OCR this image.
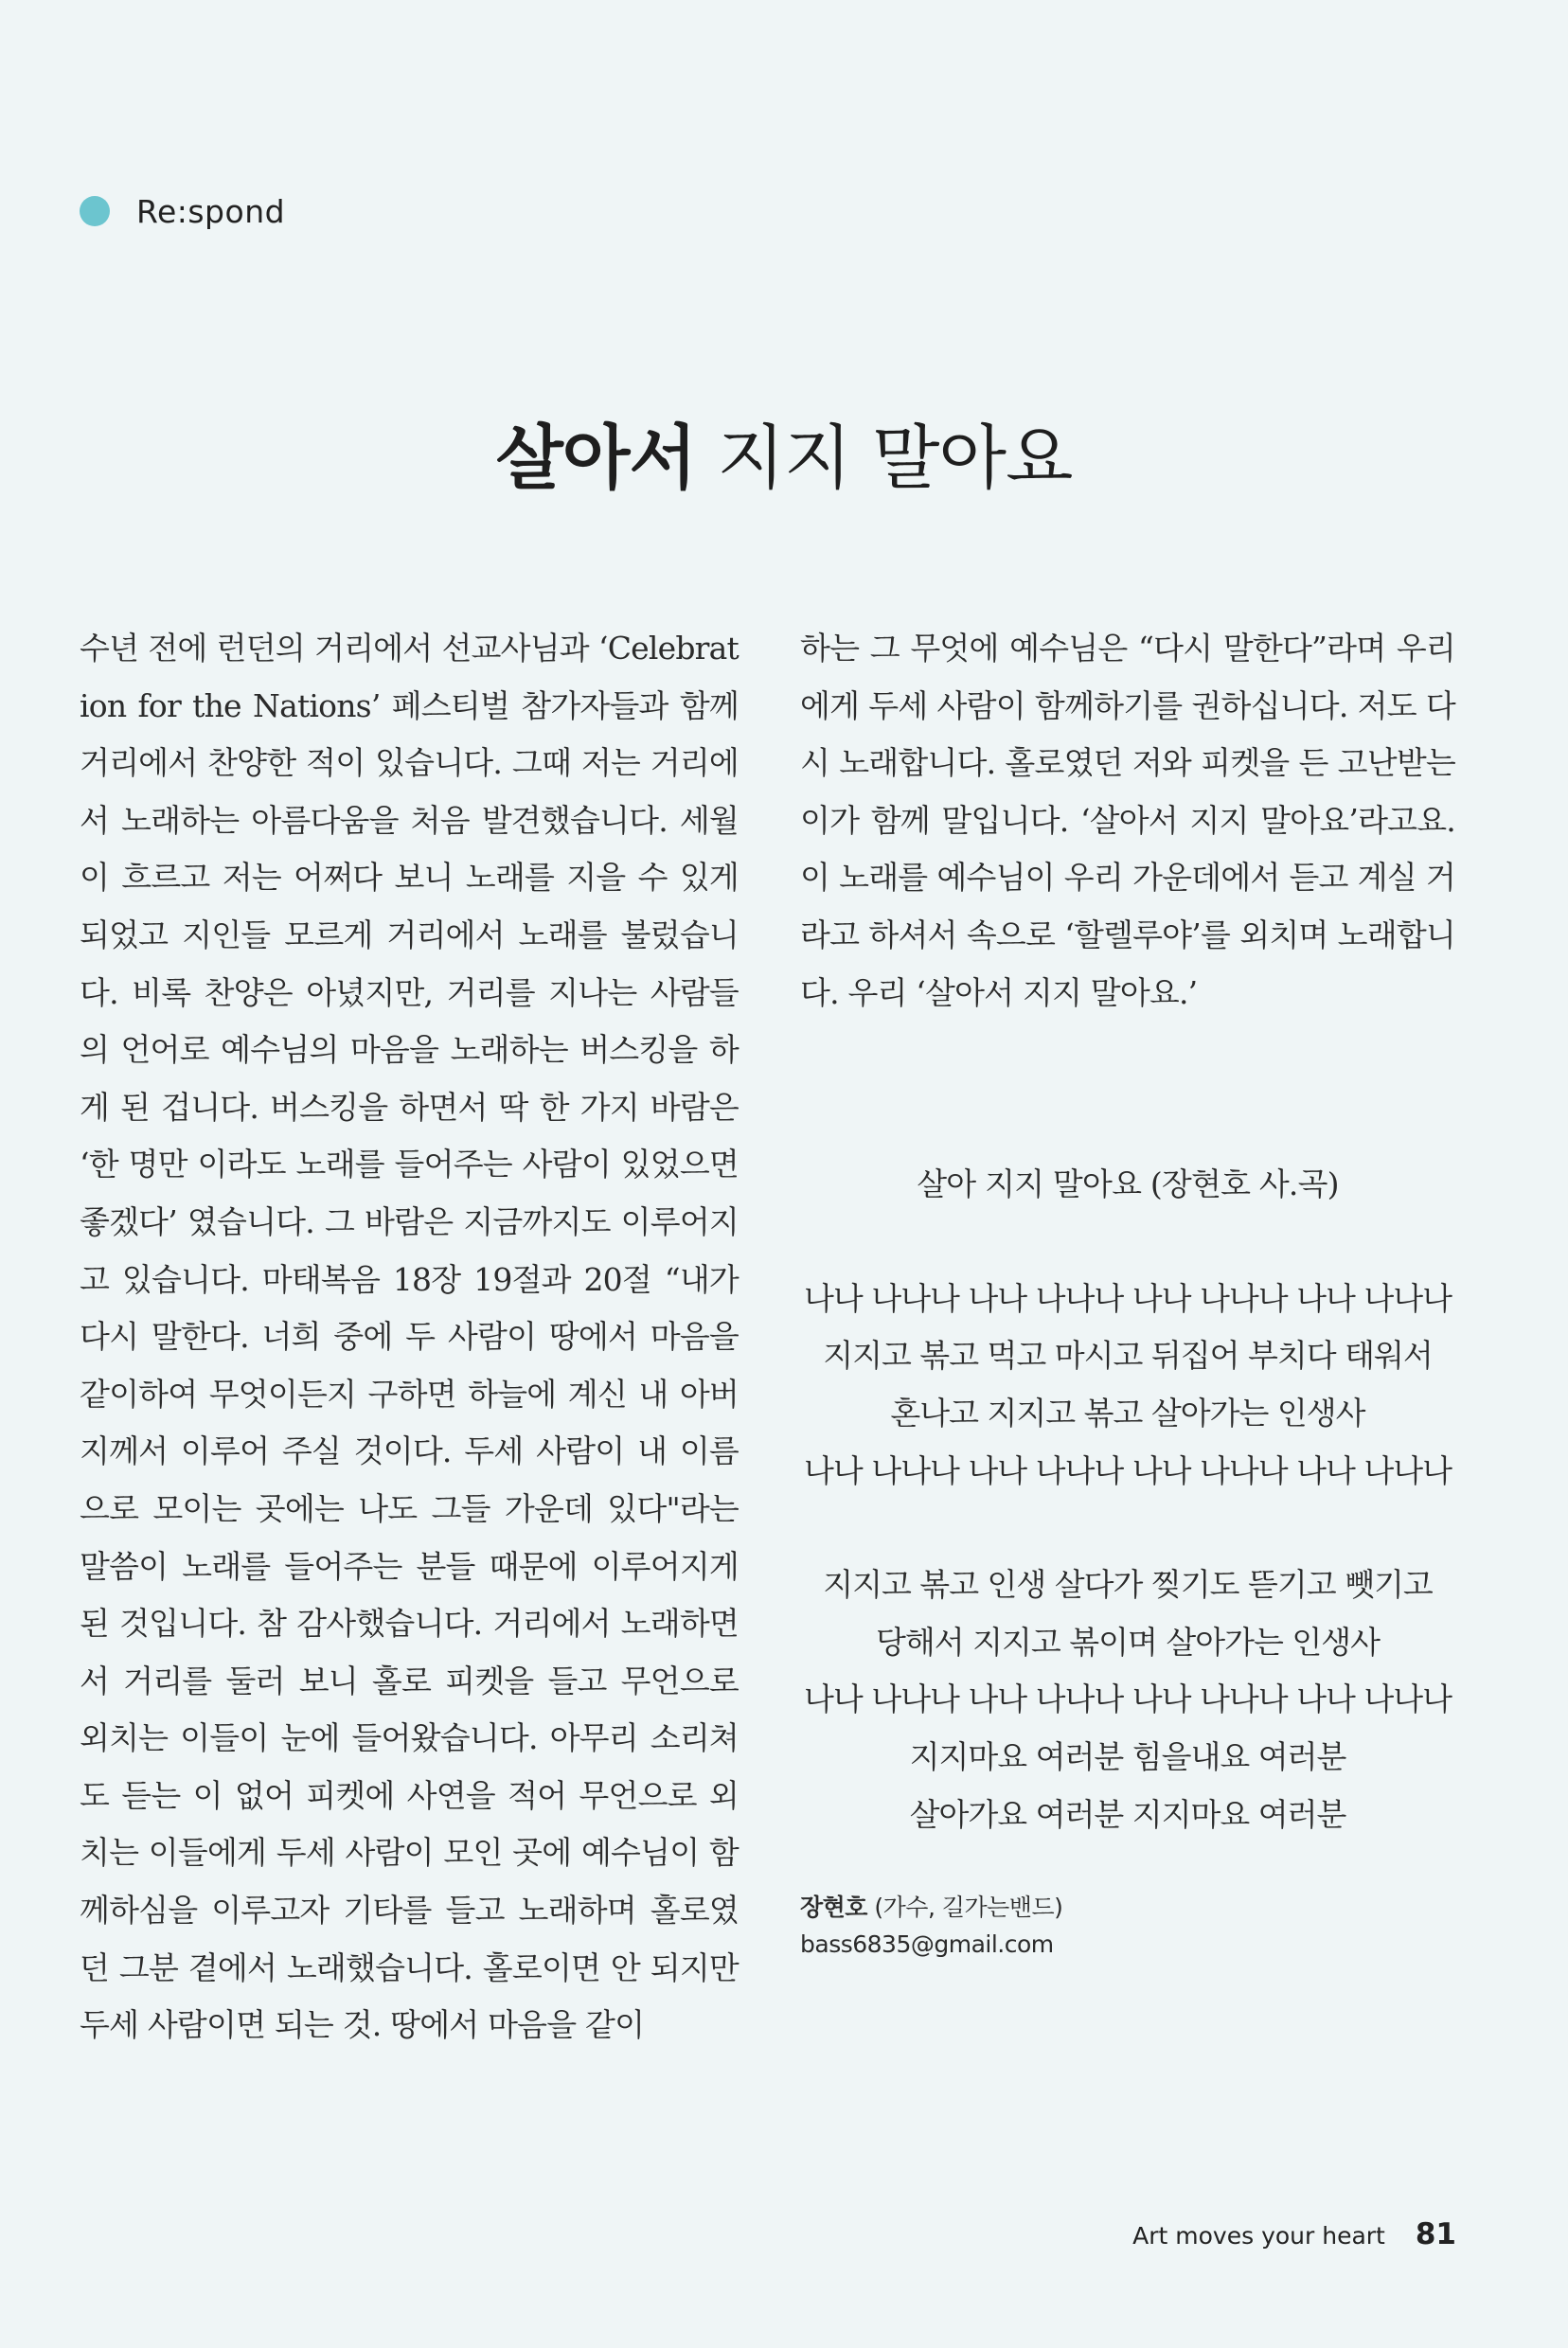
Re:spond
살아서 지지 말아요

수년 전에 런던의 거리에서 선교사님과 ‘Celebration for the Nations’ 페스티벌 참가자들과 함께 거리에서 찬양한 적이 있습니다. 그때 저는 거리에서 노래하는 아름다움을 처음 발견했습니다. 세월이 흐르고 저는 어쩌다 보니 노래를 지을 수 있게 되었고 지인들 모르게 거리에서 노래를 불렀습니다. 비록 찬양은 아녔지만, 거리를 지나는 사람들의 언어로 예수님의 마음을 노래하는 버스킹을 하게 된 겁니다. 버스킹을 하면서 딱 한 가지 바람은 ‘한 명만 이라도 노래를 들어주는 사람이 있었으면 좋겠다’ 였습니다. 그 바람은 지금까지도 이루어지고 있습니다. 마태복음 18장 19절과 20절 “내가 다시 말한다. 너희 중에 두 사람이 땅에서 마음을 같이하여 무엇이든지 구하면 하늘에 계신 내 아버지께서 이루어 주실 것이다. 두세 사람이 내 이름으로 모이는 곳에는 나도 그들 가운데 있다"라는 말씀이 노래를 들어주는 분들 때문에 이루어지게 된 것입니다. 참 감사했습니다. 거리에서 노래하면서 거리를 둘러 보니 홀로 피켓을 들고 무언으로 외치는 이들이 눈에 들어왔습니다. 아무리 소리쳐도 듣는 이 없어 피켓에 사연을 적어 무언으로 외치는 이들에게 두세 사람이 모인 곳에 예수님이 함께하심을 이루고자 기타를 들고 노래하며 홀로였던 그분 곁에서 노래했습니다. 홀로이면 안 되지만 두세 사람이면 되는 것. 땅에서 마음을 같이

하는 그 무엇에 예수님은 “다시 말한다”라며 우리에게 두세 사람이 함께하기를 권하십니다. 저도 다시 노래합니다. 홀로였던 저와 피켓을 든 고난받는 이가 함께 말입니다. ‘살아서 지지 말아요’라고요. 이 노래를 예수님이 우리 가운데에서 듣고 계실 거라고 하셔서 속으로 ‘할렐루야’를 외치며 노래합니다. 우리 ‘살아서 지지 말아요.’

살아 지지 말아요 (장현호 사.곡)
나나 나나나 나나 나나나 나나 나나나 나나 나나나
지지고 볶고 먹고 마시고 뒤집어 부치다 태워서
혼나고 지지고 볶고 살아가는 인생사
나나 나나나 나나 나나나 나나 나나나 나나 나나나
지지고 볶고 인생 살다가 찢기도 뜯기고 뺏기고
당해서 지지고 볶이며 살아가는 인생사
나나 나나나 나나 나나나 나나 나나나 나나 나나나
지지마요 여러분 힘을내요 여러분
살아가요 여러분 지지마요 여러분
장현호 (가수, 길가는밴드)
bass6835@gmail.com
Art moves your heart 81
